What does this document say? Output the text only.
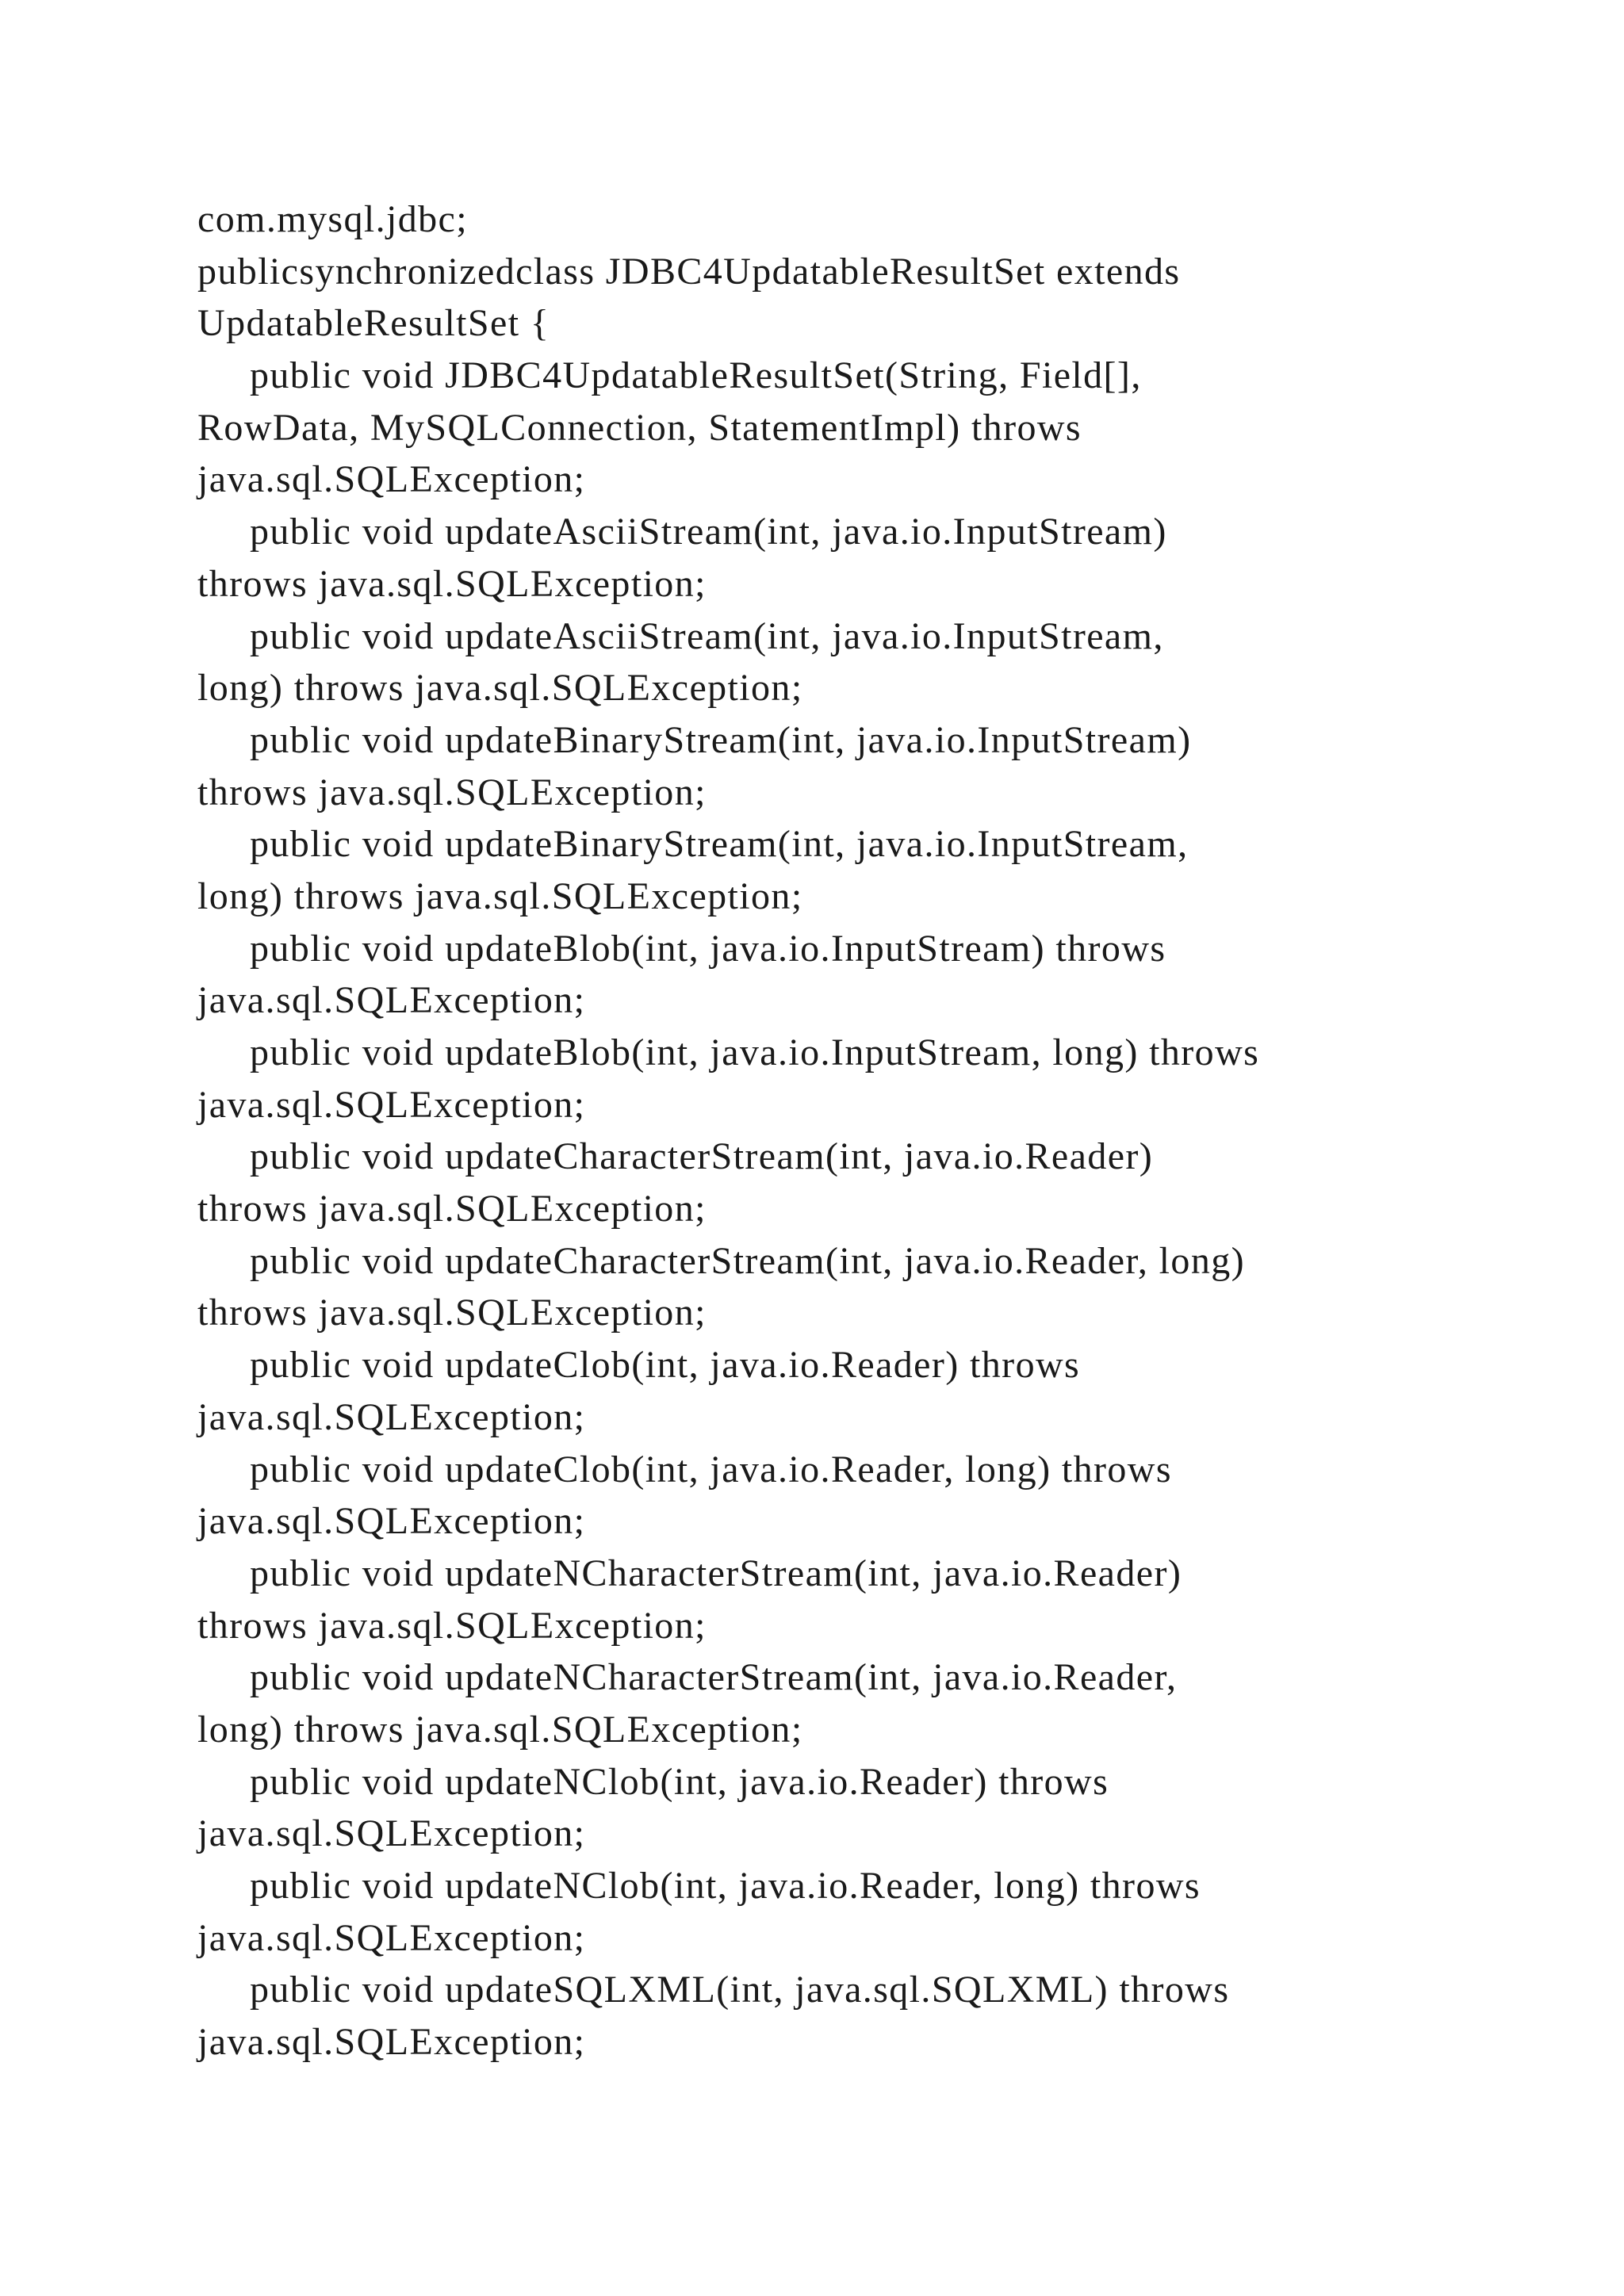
com.mysql.jdbc;
publicsynchronizedclass JDBC4UpdatableResultSet extends
UpdatableResultSet {
public void JDBC4UpdatableResultSet(String, Field[],
RowData, MySQLConnection, StatementImpl) throws
java.sql.SQLException;
public void updateAsciiStream(int, java.io.InputStream)
throws java.sql.SQLException;
public void updateAsciiStream(int, java.io.InputStream,
long) throws java.sql.SQLException;
public void updateBinaryStream(int, java.io.InputStream)
throws java.sql.SQLException;
public void updateBinaryStream(int, java.io.InputStream,
long) throws java.sql.SQLException;
public void updateBlob(int, java.io.InputStream) throws
java.sql.SQLException;
public void updateBlob(int, java.io.InputStream, long) throws
java.sql.SQLException;
public void updateCharacterStream(int, java.io.Reader)
throws java.sql.SQLException;
public void updateCharacterStream(int, java.io.Reader, long)
throws java.sql.SQLException;
public void updateClob(int, java.io.Reader) throws
java.sql.SQLException;
public void updateClob(int, java.io.Reader, long) throws
java.sql.SQLException;
public void updateNCharacterStream(int, java.io.Reader)
throws java.sql.SQLException;
public void updateNCharacterStream(int, java.io.Reader,
long) throws java.sql.SQLException;
public void updateNClob(int, java.io.Reader) throws
java.sql.SQLException;
public void updateNClob(int, java.io.Reader, long) throws
java.sql.SQLException;
public void updateSQLXML(int, java.sql.SQLXML) throws
java.sql.SQLException;
